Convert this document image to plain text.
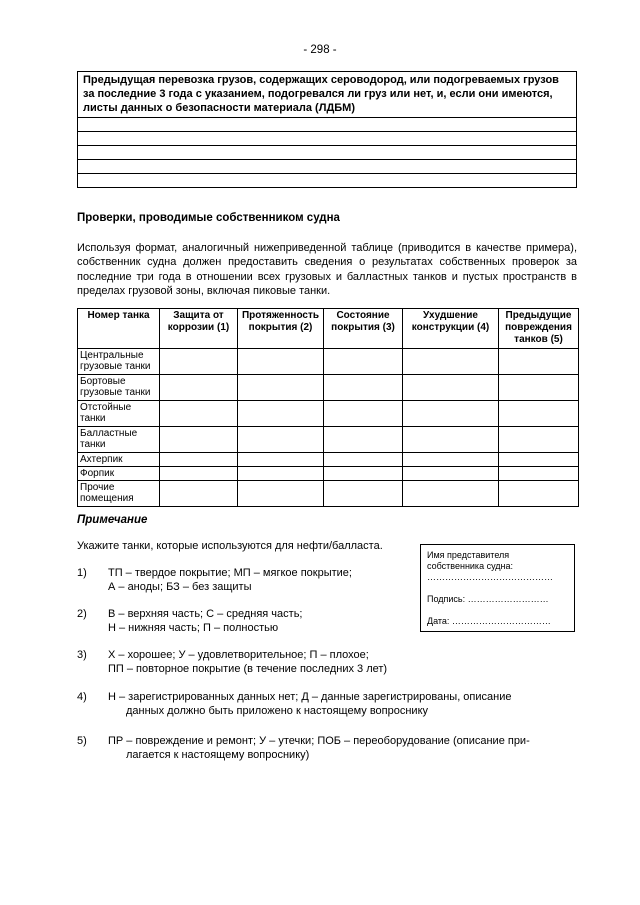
- 298 -
Предыдущая перевозка грузов, содержащих сероводород, или подогреваемых грузов за последние 3 года с указанием, подогревался ли груз или нет, и, если они имеются, листы данных о безопасности материала (ЛДБМ)

Проверки, проводимые собственником судна

Используя формат, аналогичный нижеприведенной таблице (приводится в качестве примера), собственник судна должен предоставить сведения о результатах собственных проверок за последние три года в отношении всех грузовых и балластных танков и пустых пространств в пределах грузовой зоны, включая пиковые танки.

Номер танка	Защита от коррозии (1)	Протяженность покрытия (2)	Состояние покрытия (3)	Ухудшение конструкции (4)	Предыдущие повреждения танков (5)
Центральные грузовые танки					
Бортовые грузовые танки					
Отстойные танки					
Балластные танки					
Ахтерпик					
Форпик					
Прочие помещения					
Примечание
Укажите танки, которые используются для нефти/балласта.
Имя представителя собственника судна:
……………………………………
Подпись: ………………………
Дата: ……………………………
1) ТП – твердое покрытие; МП – мягкое покрытие;
А – аноды; БЗ – без защиты
2) В – верхняя часть; С – средняя часть;
Н – нижняя часть; П – полностью
3) Х – хорошее; У – удовлетворительное; П – плохое;
ПП – повторное покрытие (в течение последних 3 лет)
4) Н – зарегистрированных данных нет; Д – данные зарегистрированы, описание
данных должно быть приложено к настоящему вопроснику
5) ПР – повреждение и ремонт; У – утечки; ПОБ – переоборудование (описание при-
лагается к настоящему вопроснику)
